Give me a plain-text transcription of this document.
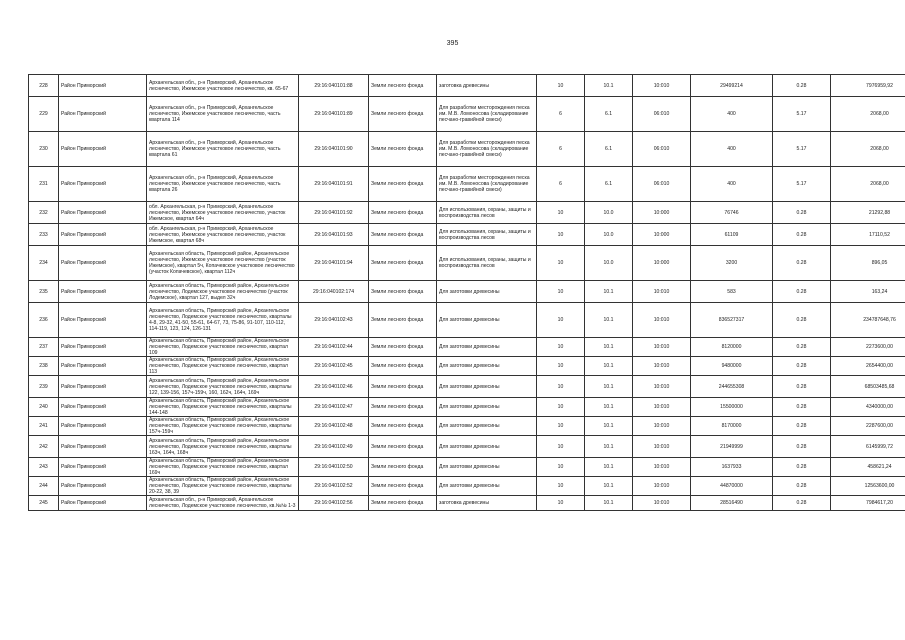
395
228	Район Приморский	Архангельская обл., р-н Приморский, Архангельское лесничество, Ижемское участковое лесничество, кв. 65-67	29:16:040101:88	Земли лесного фонда	заготовка древесины	10	10.1	10:010	29499214	0.28	7976959,92
229	Район Приморский	Архангельская обл., р-н Приморский, Архангельское лесничество, Ижемское участковое лесничество, часть квартала 114	29:16:040101:89	Земли лесного фонда	Для разработки месторождения песка им. М.В. Ломоносова (складирование песчано-гравийной смеси)	6	6.1	06:010	400	5.17	2068,00
230	Район Приморский	Архангельская обл., р-н Приморский, Архангельское лесничество, Ижемское участковое лесничество, часть квартала 61	29:16:040101:90	Земли лесного фонда	Для разработки месторождения песка им. М.В. Ломоносова (складирование песчано-гравийной смеси)	6	6.1	06:010	400	5.17	2068,00
231	Район Приморский	Архангельская обл., р-н Приморский, Архангельское лесничество, Ижемское участковое лесничество, часть квартала 26	29:16:040101:91	Земли лесного фонда	Для разработки месторождения песка им. М.В. Ломоносова (складирование песчано-гравийной смеси)	6	6.1	06:010	400	5.17	2068,00
232	Район Приморский	обл. Архангельская, р-н Приморский, Архангельское лесничество, Ижемское участковое лесничество, участок Ижемское, квартал 64ч	29:16:040101:92	Земли лесного фонда	Для использования, охраны, защиты и воспроизводства лесов	10	10.0	10:000	76746	0.28	21292,88
233	Район Приморский	обл. Архангельская, р-н Приморский, Архангельское лесничество, Ижемское участковое лесничество, участок Ижемское, квартал 68ч	29:16:040101:93	Земли лесного фонда	Для использования, охраны, защиты и воспроизводства лесов	10	10.0	10:000	61109	0.28	17110,52
234	Район Приморский	Архангельская область, Приморский район, Архангельское лесничество, Ижемское участковое лесничество (участок Ижемское), квартал 5ч, Копачевское участковое лесничество (участок Копачевское), квартал 112ч	29:16:040101:94	Земли лесного фонда	Для использования, охраны, защиты и воспроизводства лесов	10	10.0	10:000	3200	0.28	896,05
235	Район Приморский	Архангельская область, Приморский район, Архангельское лесничество, Лодемское участковое лесничество (участок Лодемское), квартал 127, выдел 32ч	29:16:040102:174	Земли лесного фонда	Для заготовки древесины	10	10.1	10:010	583	0.28	163,24
236	Район Приморский	Архангельская область, Приморский район, Архангельское лесничество, Лодемское участковое лесничество, кварталы 4-8, 29-32, 41-50, 55-61, 64-67, 73, 75-86, 91-107, 110-112, 114-119, 123, 124, 126-131	29:16:040102:43	Земли лесного фонда	Для заготовки древесины	10	10.1	10:010	836527317	0.28	234787648,76
237	Район Приморский	Архангельская область, Приморский район, Архангельское лесничество, Лодемское участковое лесничество, квартал 109	29:16:040102:44	Земли лесного фонда	Для заготовки древесины	10	10.1	10:010	8120000	0.28	2273600,00
238	Район Приморский	Архангельская область, Приморский район, Архангельское лесничество, Лодемское участковое лесничество, квартал 113	29:16:040102:45	Земли лесного фонда	Для заготовки древесины	10	10.1	10:010	9480000	0.28	2654400,00
239	Район Приморский	Архангельская область, Приморский район, Архангельское лесничество, Лодемское участковое лесничество, кварталы 122, 139-156, 157ч-159ч, 160, 162ч, 164ч, 169ч	29:16:040102:46	Земли лесного фонда	Для заготовки древесины	10	10.1	10:010	244655308	0.28	68503485,68
240	Район Приморский	Архангельская область, Приморский район, Архангельское лесничество, Лодемское участковое лесничество, кварталы 144-148	29:16:040102:47	Земли лесного фонда	Для заготовки древесины	10	10.1	10:010	15500000	0.28	4340000,00
241	Район Приморский	Архангельская область, Приморский район, Архангельское лесничество, Лодемское участковое лесничество, кварталы 157ч-159ч	29:16:040102:48	Земли лесного фонда	Для заготовки древесины	10	10.1	10:010	8170000	0.28	2287600,00
242	Район Приморский	Архангельская область, Приморский район, Архангельское лесничество, Лодемское участковое лесничество, кварталы 163ч, 164ч, 168ч	29:16:040102:49	Земли лесного фонда	Для заготовки древесины	10	10.1	10:010	21949999	0.28	6145999,72
243	Район Приморский	Архангельская область, Приморский район, Архангельское лесничество, Лодемское участковое лесничество, квартал 169ч	29:16:040102:50	Земли лесного фонда	Для заготовки древесины	10	10.1	10:010	1637933	0.28	458621,24
244	Район Приморский	Архангельская область, Приморский район, Архангельское лесничество, Лодемское участковое лесничество, кварталы 20-22, 38, 39	29:16:040102:52	Земли лесного фонда	Для заготовки древесины	10	10.1	10:010	44870000	0.28	12563600,00
245	Район Приморский	Архангельская обл., р-н Приморский, Архангельское лесничество, Лодемское участковое лесничество, кв.№№ 1-3	29:16:040102:56	Земли лесного фонда	заготовка древесины	10	10.1	10:010	28516490	0.28	7984617,20
